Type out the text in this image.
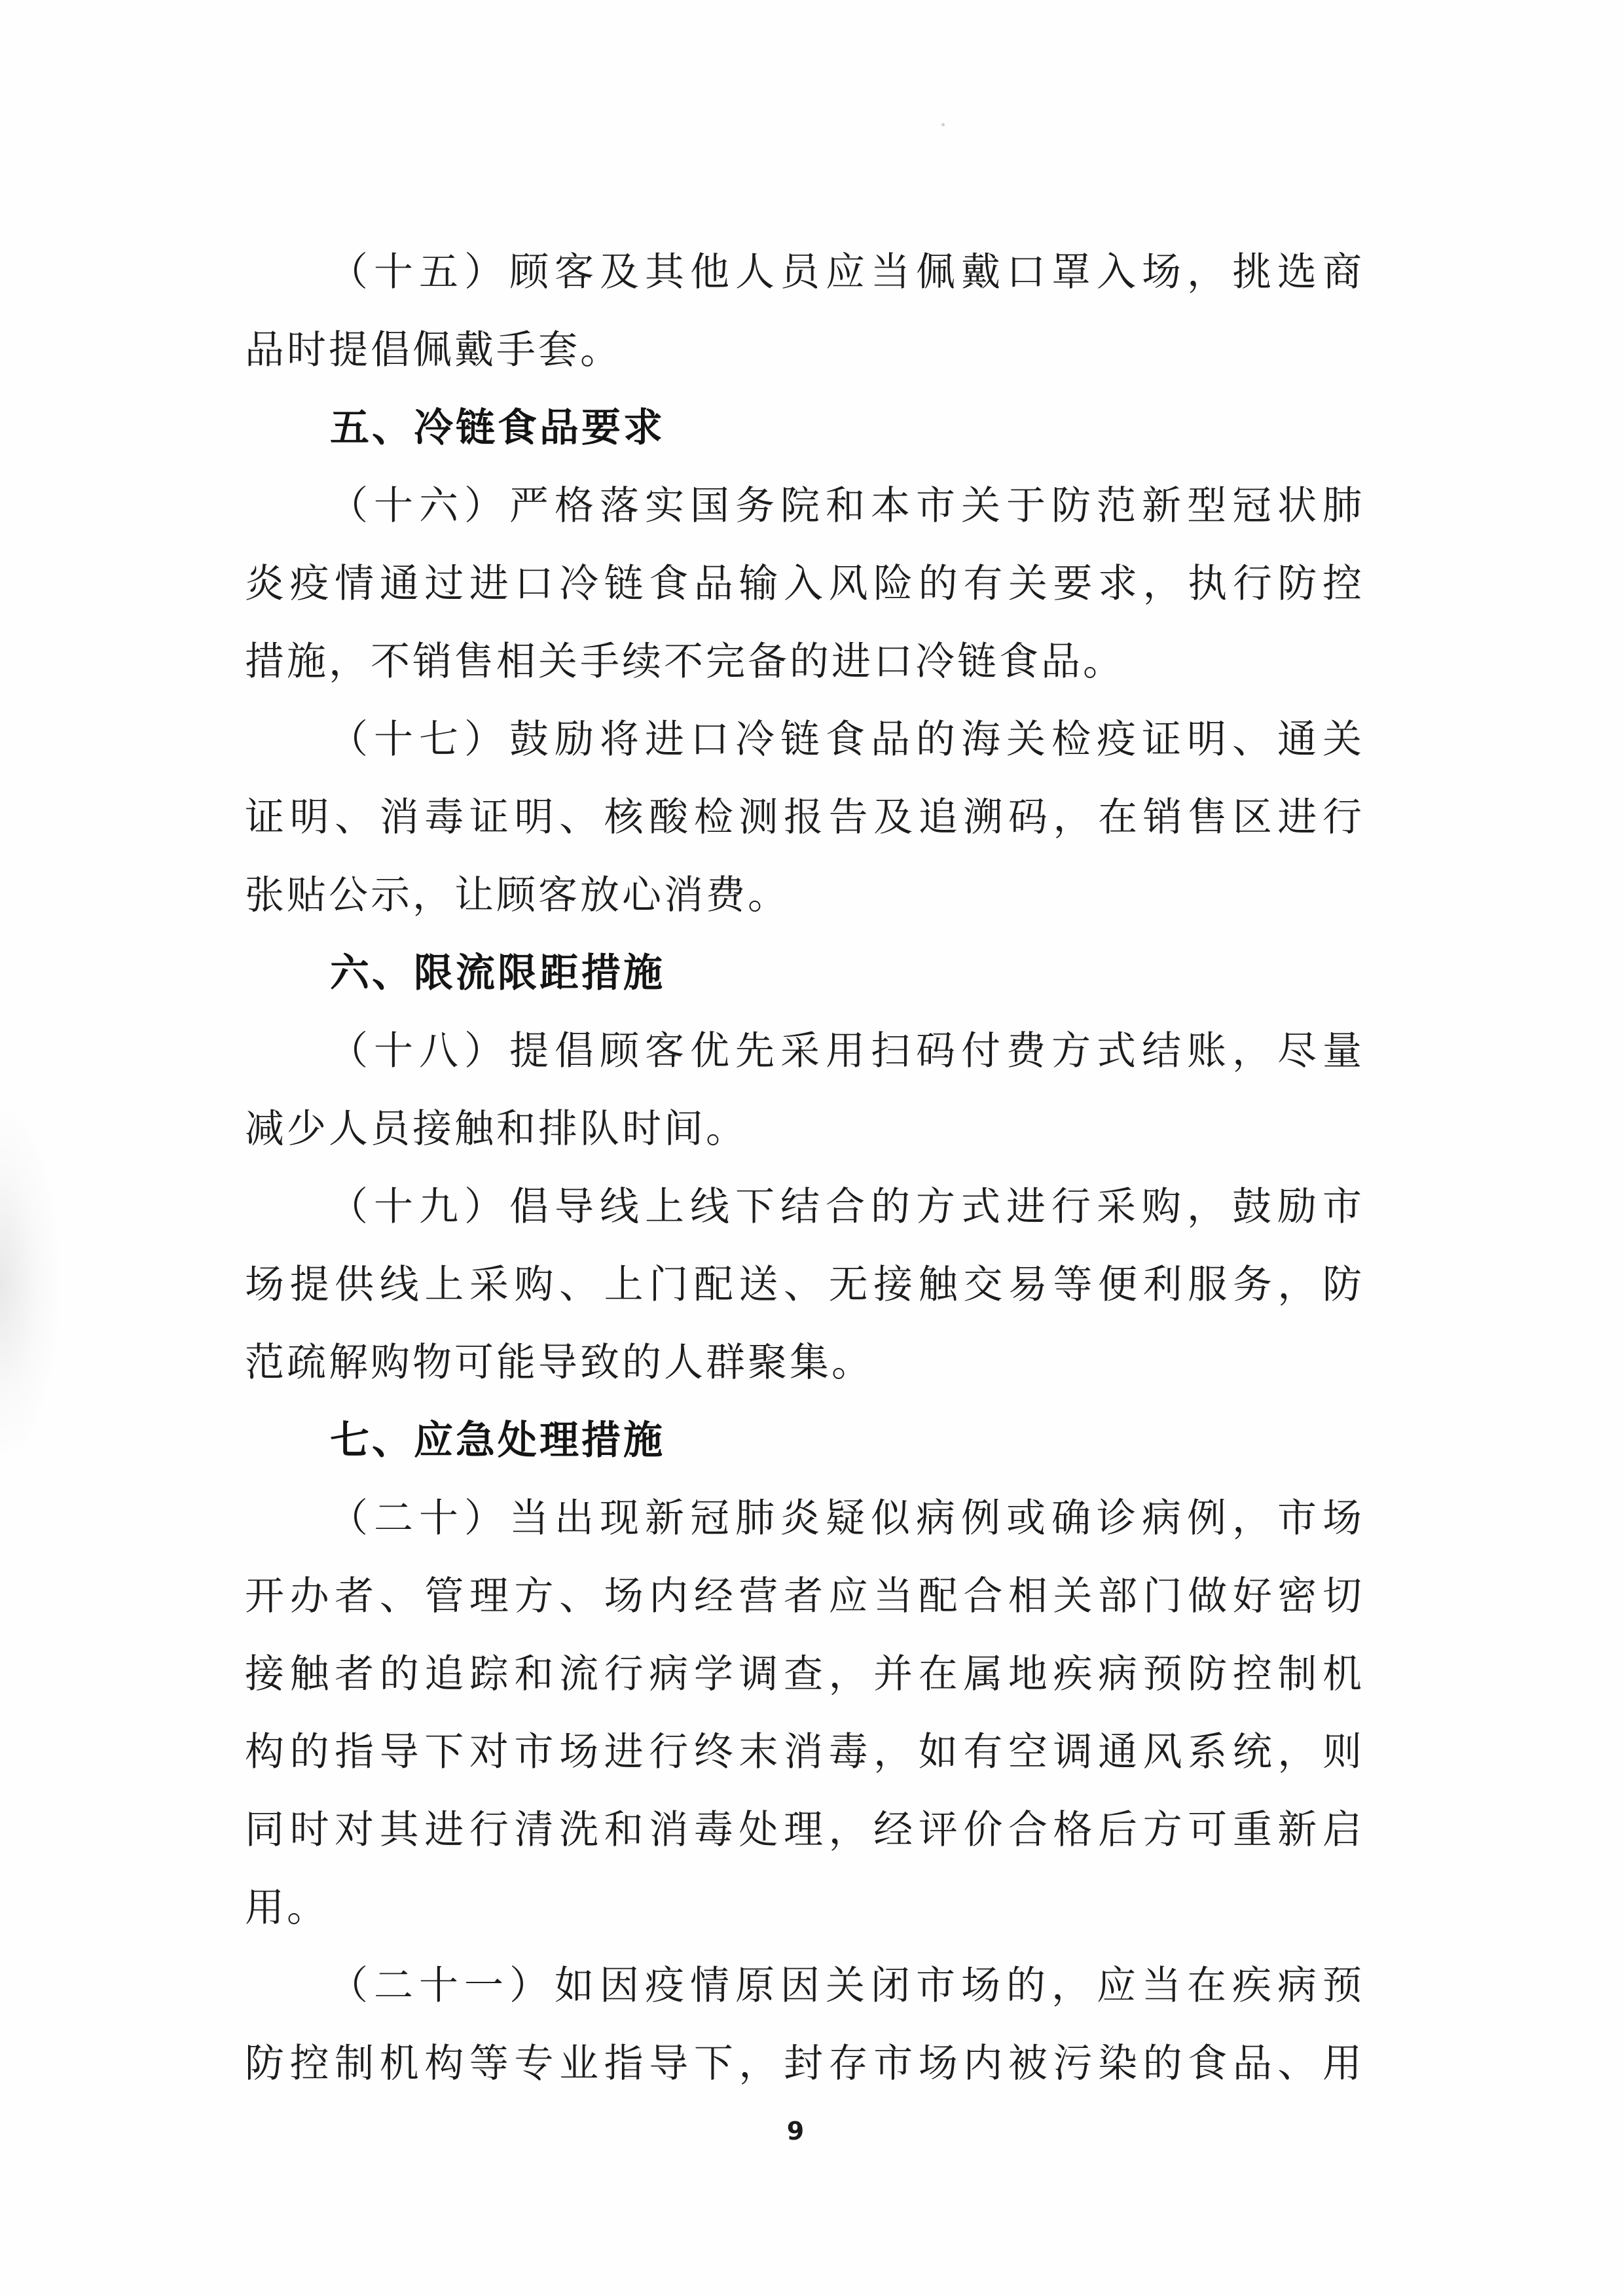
（十五）顾客及其他人员应当佩戴口罩入场，挑选商
品时提倡佩戴手套。
五、冷链食品要求
（十六）严格落实国务院和本市关于防范新型冠状肺
炎疫情通过进口冷链食品输入风险的有关要求，执行防控
措施，不销售相关手续不完备的进口冷链食品。
（十七）鼓励将进口冷链食品的海关检疫证明、通关
证明、消毒证明、核酸检测报告及追溯码，在销售区进行
张贴公示，让顾客放心消费。
六、限流限距措施
（十八）提倡顾客优先采用扫码付费方式结账，尽量
减少人员接触和排队时间。
（十九）倡导线上线下结合的方式进行采购，鼓励市
场提供线上采购、上门配送、无接触交易等便利服务，防
范疏解购物可能导致的人群聚集。
七、应急处理措施
（二十）当出现新冠肺炎疑似病例或确诊病例，市场
开办者、管理方、场内经营者应当配合相关部门做好密切
接触者的追踪和流行病学调查，并在属地疾病预防控制机
构的指导下对市场进行终末消毒，如有空调通风系统，则
同时对其进行清洗和消毒处理，经评价合格后方可重新启
用。
（二十一）如因疫情原因关闭市场的，应当在疾病预
防控制机构等专业指导下，封存市场内被污染的食品、用
9
